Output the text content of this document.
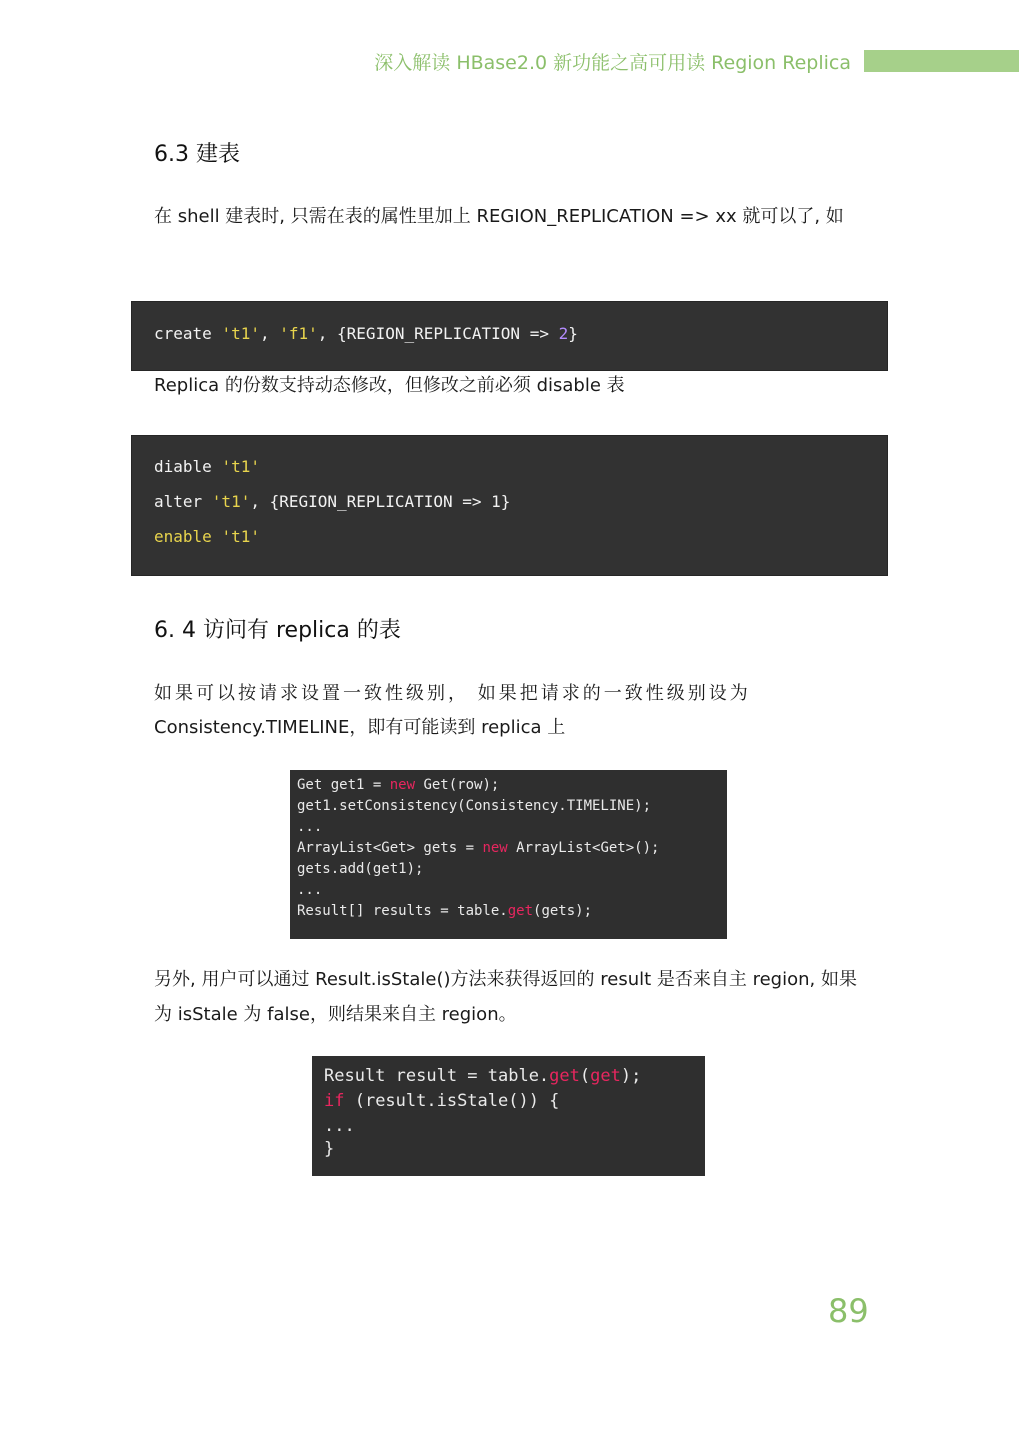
深入解读 HBase2.0 新功能之高可用读 Region Replica
6.3 建表
在 shell 建表时, 只需在表的属性里加上 REGION_REPLICATION => xx 就可以了, 如
create 't1', 'f1', {REGION_REPLICATION => 2}
Replica 的份数支持动态修改，但修改之前必须 disable 表
diable 't1'
alter 't1', {REGION_REPLICATION => 1}
enable 't1'
6. 4 访问有 replica 的表
如果可以按请求设置一致性级别， 如果把请求的一致性级别设为
Consistency.TIMELINE，即有可能读到 replica 上
Get get1 = new Get(row);
get1.setConsistency(Consistency.TIMELINE);
...
ArrayList<Get> gets = new ArrayList<Get>();
gets.add(get1);
...
Result[] results = table.get(gets);
另外, 用户可以通过 Result.isStale()方法来获得返回的 result 是否来自主 region, 如果为 isStale 为 false，则结果来自主 region。
Result result = table.get(get);
if (result.isStale()) {
...
}
89
